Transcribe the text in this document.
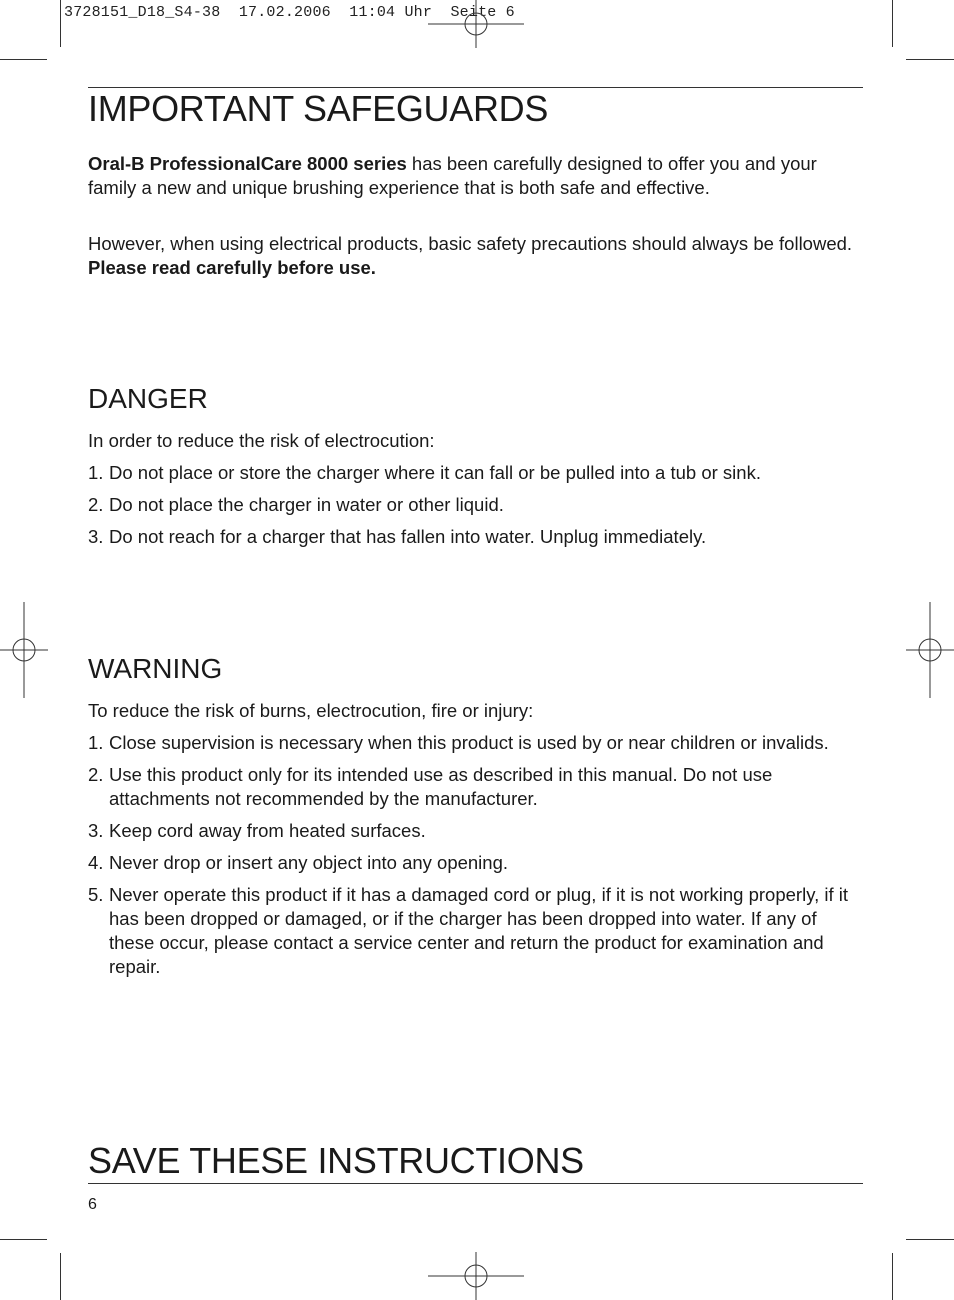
3728151_D18_S4-38  17.02.2006  11:04 Uhr  Seite 6
IMPORTANT SAFEGUARDS

Oral-B ProfessionalCare 8000 series has been carefully designed to offer you and your family a new and unique brushing experience that is both safe and effective.

However, when using electrical products, basic safety precautions should always be followed. Please read carefully before use.

DANGER

In order to reduce the risk of electrocution:

1. Do not place or store the charger where it can fall or be pulled into a tub or sink.
2. Do not place the charger in water or other liquid.
3. Do not reach for a charger that has fallen into water. Unplug immediately.
WARNING

To reduce the risk of burns, electrocution, fire or injury:

1. Close supervision is necessary when this product is used by or near children or invalids.
2. Use this product only for its intended use as described in this manual. Do not use attachments not recommended by the manufacturer.
3. Keep cord away from heated surfaces.
4. Never drop or insert any object into any opening.
5. Never operate this product if it has a damaged cord or plug, if it is not working properly, if it has been dropped or damaged, or if the charger has been dropped into water. If any of these occur, please contact a service center and return the product for examination and repair.
SAVE THESE INSTRUCTIONS
6
